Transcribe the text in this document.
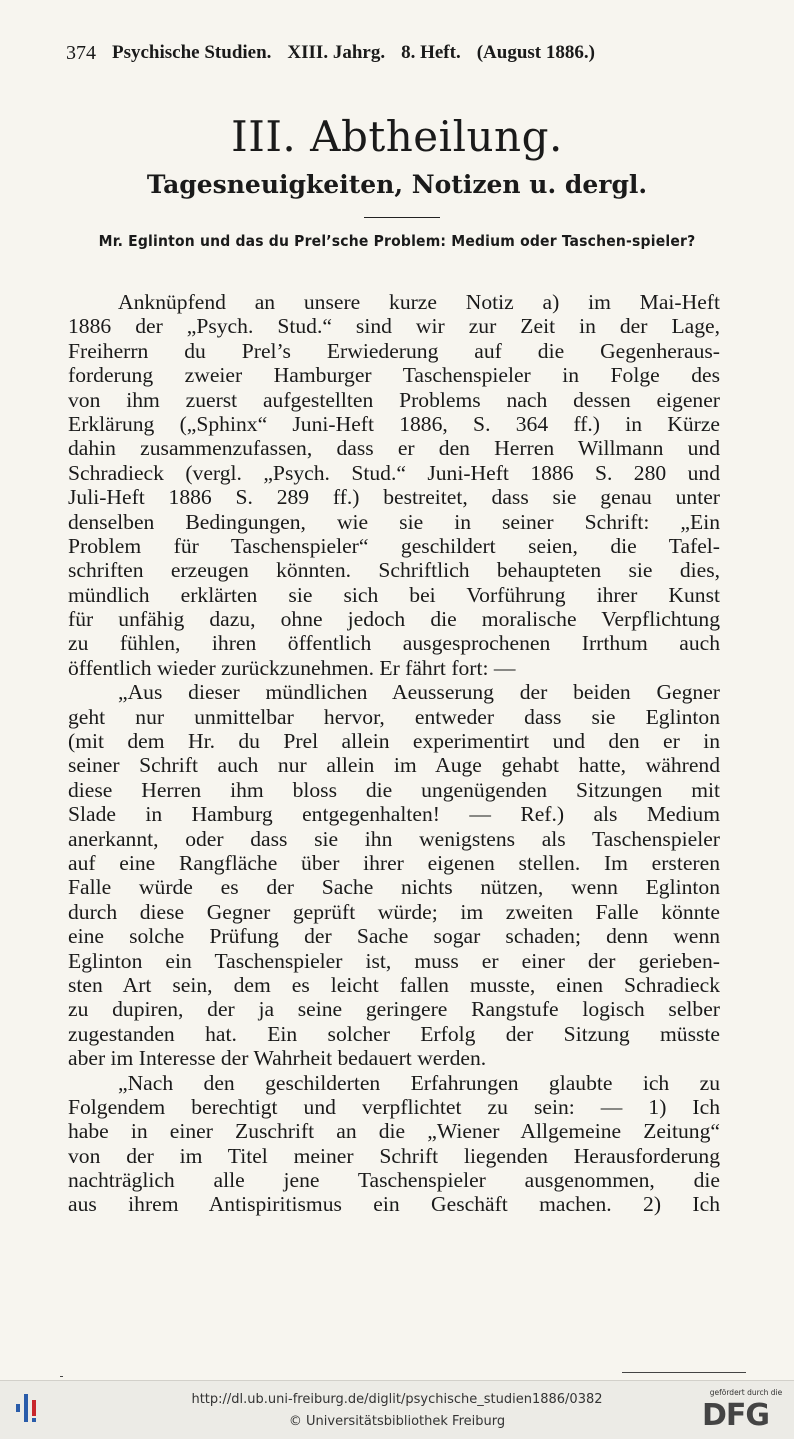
374 Psychische Studien. XIII. Jahrg. 8. Heft. (August 1886.)
III. Abtheilung.
Tagesneuigkeiten, Notizen u. dergl.
Mr. Eglinton und das du Prel’sche Problem: Medium oder Taschen-spieler?
Anknüpfend an unsere kurze Notiz a) im Mai-Heft
1886 der „Psych. Stud.“ sind wir zur Zeit in der Lage,
Freiherrn du Prel’s Erwiederung auf die Gegenheraus-
forderung zweier Hamburger Taschenspieler in Folge des
von ihm zuerst aufgestellten Problems nach dessen eigener
Erklärung („Sphinx“ Juni-Heft 1886, S. 364 ff.) in Kürze
dahin zusammenzufassen, dass er den Herren Willmann und
Schradieck (vergl. „Psych. Stud.“ Juni-Heft 1886 S. 280 und
Juli-Heft 1886 S. 289 ff.) bestreitet, dass sie genau unter
denselben Bedingungen, wie sie in seiner Schrift: „Ein
Problem für Taschenspieler“ geschildert seien, die Tafel-
schriften erzeugen könnten. Schriftlich behaupteten sie dies,
mündlich erklärten sie sich bei Vorführung ihrer Kunst
für unfähig dazu, ohne jedoch die moralische Verpflichtung
zu fühlen, ihren öffentlich ausgesprochenen Irrthum auch
öffentlich wieder zurückzunehmen. Er fährt fort: —
„Aus dieser mündlichen Aeusserung der beiden Gegner
geht nur unmittelbar hervor, entweder dass sie Eglinton
(mit dem Hr. du Prel allein experimentirt und den er in
seiner Schrift auch nur allein im Auge gehabt hatte, während
diese Herren ihm bloss die ungenügenden Sitzungen mit
Slade in Hamburg entgegenhalten! — Ref.) als Medium
anerkannt, oder dass sie ihn wenigstens als Taschenspieler
auf eine Rangfläche über ihrer eigenen stellen. Im ersteren
Falle würde es der Sache nichts nützen, wenn Eglinton
durch diese Gegner geprüft würde; im zweiten Falle könnte
eine solche Prüfung der Sache sogar schaden; denn wenn
Eglinton ein Taschenspieler ist, muss er einer der gerieben-
sten Art sein, dem es leicht fallen musste, einen Schradieck
zu dupiren, der ja seine geringere Rangstufe logisch selber
zugestanden hat. Ein solcher Erfolg der Sitzung müsste
aber im Interesse der Wahrheit bedauert werden.
„Nach den geschilderten Erfahrungen glaubte ich zu
Folgendem berechtigt und verpflichtet zu sein: — 1) Ich
habe in einer Zuschrift an die „Wiener Allgemeine Zeitung“
von der im Titel meiner Schrift liegenden Herausforderung
nachträglich alle jene Taschenspieler ausgenommen, die
aus ihrem Antispiritismus ein Geschäft machen. 2) Ich
http://dl.ub.uni-freiburg.de/diglit/psychische_studien1886/0382
© Universitätsbibliothek Freiburg
gefördert durch die
DFG
